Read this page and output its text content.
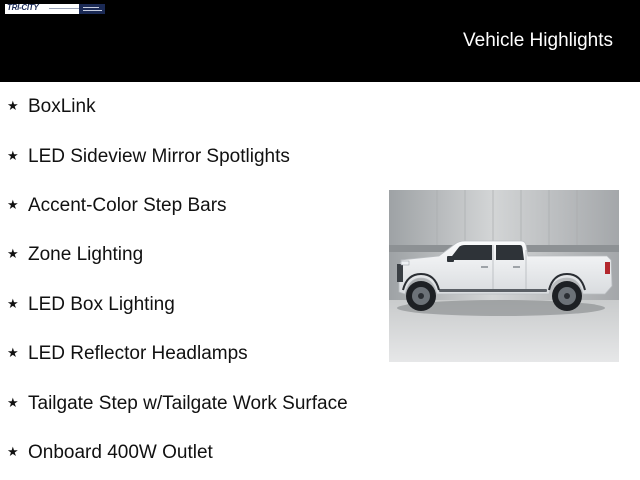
TRI-CITY
Vehicle Highlights
★ BoxLink
★ LED Sideview Mirror Spotlights
★ Accent-Color Step Bars
★ Zone Lighting
★ LED Box Lighting
★ LED Reflector Headlamps
★ Tailgate Step w/Tailgate Work Surface
★ Onboard 400W Outlet
